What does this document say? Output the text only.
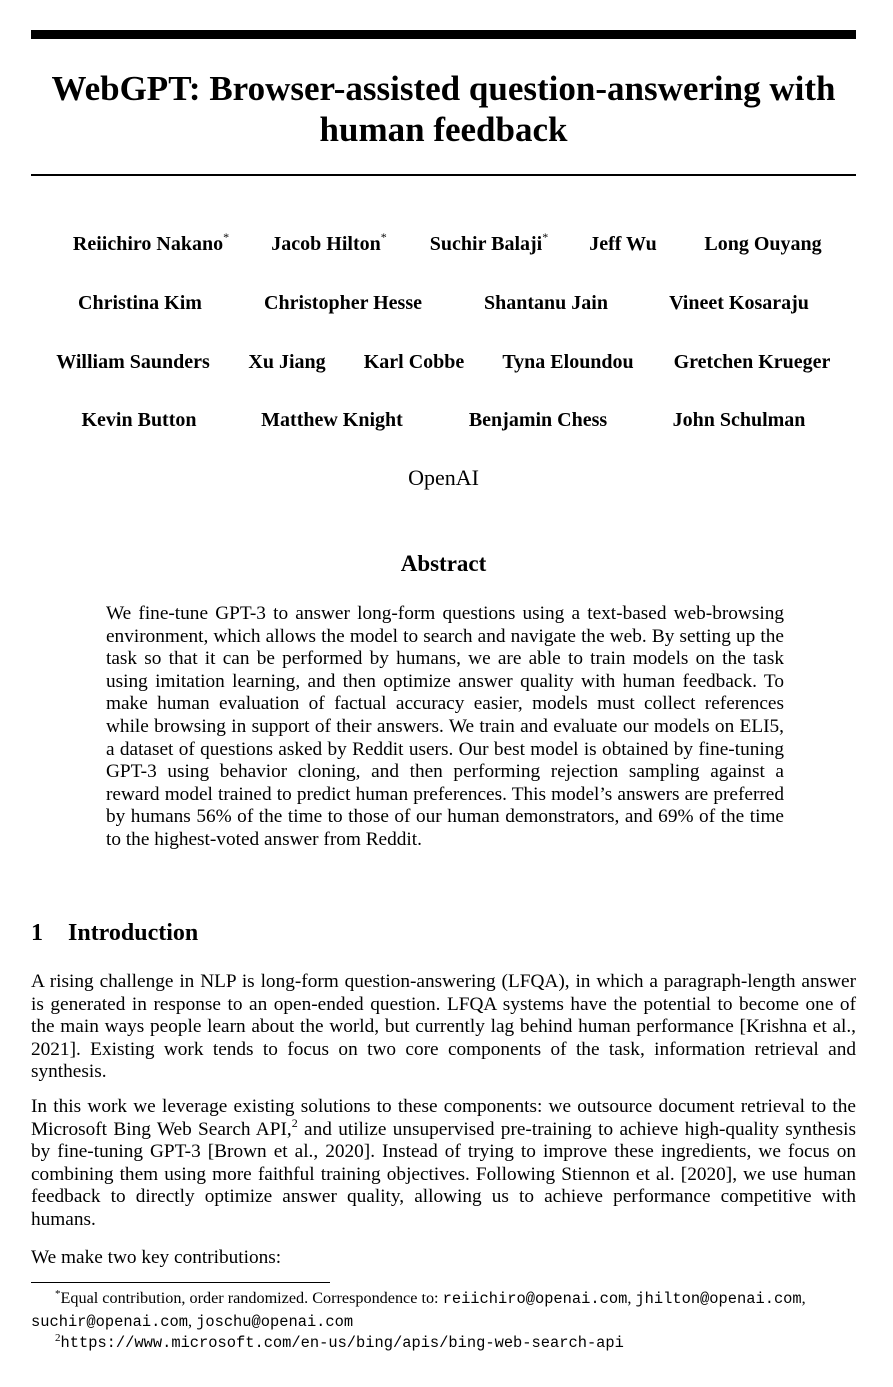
WebGPT: Browser-assisted question-answering with
human feedback
Reiichiro Nakano* Jacob Hilton* Suchir Balaji* Jeff Wu Long Ouyang
Christina Kim	Christopher Hesse	Shantanu Jain	Vineet Kosaraju
William Saunders Xu Jiang Karl Cobbe Tyna Eloundou Gretchen Krueger
Kevin Button	Matthew Knight	Benjamin Chess	John Schulman
OpenAI
Abstract

We fine-tune GPT-3 to answer long-form questions using a text-based web-browsing environment, which allows the model to search and navigate the web. By setting up the task so that it can be performed by humans, we are able to train models on the task using imitation learning, and then optimize answer quality with human feedback. To make human evaluation of factual accuracy easier, models must collect references while browsing in support of their answers. We train and evaluate our models on ELI5, a dataset of questions asked by Reddit users. Our best model is obtained by fine-tuning GPT-3 using behavior cloning, and then performing rejection sampling against a reward model trained to predict human preferences. This model’s answers are preferred by humans 56% of the time to those of our human demonstrators, and 69% of the time to the highest-voted answer from Reddit.

1 Introduction

A rising challenge in NLP is long-form question-answering (LFQA), in which a paragraph-length answer is generated in response to an open-ended question. LFQA systems have the potential to become one of the main ways people learn about the world, but currently lag behind human performance [Krishna et al., 2021]. Existing work tends to focus on two core components of the task, information retrieval and synthesis.

In this work we leverage existing solutions to these components: we outsource document retrieval to the Microsoft Bing Web Search API,$^2$ and utilize unsupervised pre-training to achieve high-quality synthesis by fine-tuning GPT-3 [Brown et al., 2020]. Instead of trying to improve these ingredients, we focus on combining them using more faithful training objectives. Following Stiennon et al. [2020], we use human feedback to directly optimize answer quality, allowing us to achieve performance competitive with humans.

We make two key contributions:

*Equal contribution, order randomized. Correspondence to: reiichiro@openai.com, jhilton@openai.com, suchir@openai.com, joschu@openai.com

$^2$https://www.microsoft.com/en-us/bing/apis/bing-web-search-api
